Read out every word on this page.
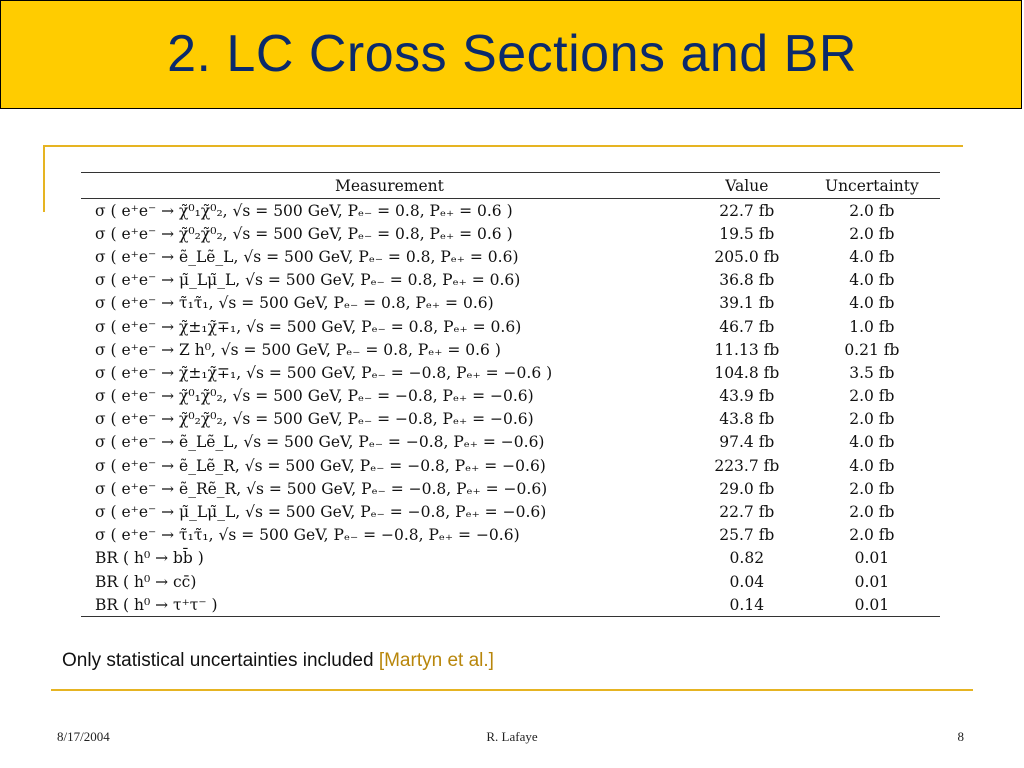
2. LC Cross Sections and BR
Measurement	Value	Uncertainty
σ ( e⁺e⁻ → χ̃⁰₁χ̃⁰₂, √s = 500 GeV, Pₑ₋ = 0.8, Pₑ₊ = 0.6 )	22.7 fb	2.0 fb
σ ( e⁺e⁻ → χ̃⁰₂χ̃⁰₂, √s = 500 GeV, Pₑ₋ = 0.8, Pₑ₊ = 0.6 )	19.5 fb	2.0 fb
σ ( e⁺e⁻ → ẽ_Lẽ_L, √s = 500 GeV, Pₑ₋ = 0.8, Pₑ₊ = 0.6)	205.0 fb	4.0 fb
σ ( e⁺e⁻ → μ̃_Lμ̃_L, √s = 500 GeV, Pₑ₋ = 0.8, Pₑ₊ = 0.6)	36.8 fb	4.0 fb
σ ( e⁺e⁻ → τ̃₁τ̃₁, √s = 500 GeV, Pₑ₋ = 0.8, Pₑ₊ = 0.6)	39.1 fb	4.0 fb
σ ( e⁺e⁻ → χ̃±₁χ̃∓₁, √s = 500 GeV, Pₑ₋ = 0.8, Pₑ₊ = 0.6)	46.7 fb	1.0 fb
σ ( e⁺e⁻ → Z h⁰, √s = 500 GeV, Pₑ₋ = 0.8, Pₑ₊ = 0.6 )	11.13 fb	0.21 fb
σ ( e⁺e⁻ → χ̃±₁χ̃∓₁, √s = 500 GeV, Pₑ₋ = −0.8, Pₑ₊ = −0.6 )	104.8 fb	3.5 fb
σ ( e⁺e⁻ → χ̃⁰₁χ̃⁰₂, √s = 500 GeV, Pₑ₋ = −0.8, Pₑ₊ = −0.6)	43.9 fb	2.0 fb
σ ( e⁺e⁻ → χ̃⁰₂χ̃⁰₂, √s = 500 GeV, Pₑ₋ = −0.8, Pₑ₊ = −0.6)	43.8 fb	2.0 fb
σ ( e⁺e⁻ → ẽ_Lẽ_L, √s = 500 GeV, Pₑ₋ = −0.8, Pₑ₊ = −0.6)	97.4 fb	4.0 fb
σ ( e⁺e⁻ → ẽ_Lẽ_R, √s = 500 GeV, Pₑ₋ = −0.8, Pₑ₊ = −0.6)	223.7 fb	4.0 fb
σ ( e⁺e⁻ → ẽ_Rẽ_R, √s = 500 GeV, Pₑ₋ = −0.8, Pₑ₊ = −0.6)	29.0 fb	2.0 fb
σ ( e⁺e⁻ → μ̃_Lμ̃_L, √s = 500 GeV, Pₑ₋ = −0.8, Pₑ₊ = −0.6)	22.7 fb	2.0 fb
σ ( e⁺e⁻ → τ̃₁τ̃₁, √s = 500 GeV, Pₑ₋ = −0.8, Pₑ₊ = −0.6)	25.7 fb	2.0 fb
BR ( h⁰ → bb̄ )	0.82	0.01
BR ( h⁰ → cc̄)	0.04	0.01
BR ( h⁰ → τ⁺τ⁻ )	0.14	0.01
Only statistical uncertainties included [Martyn et al.]
8/17/2004	R. Lafaye	8
